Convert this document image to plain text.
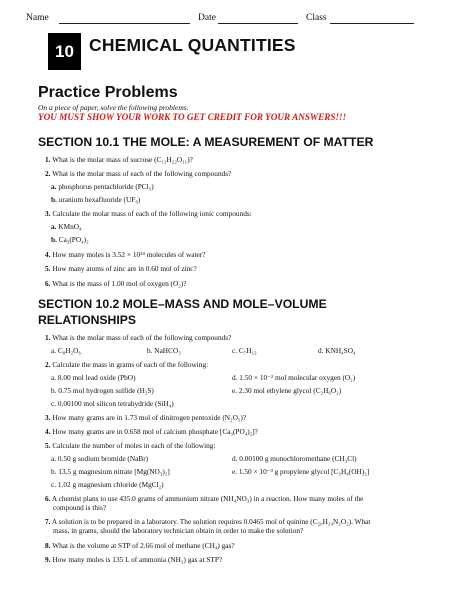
Name	Date	Class
10 CHEMICAL QUANTITIES
Practice Problems
On a piece of paper, solve the following problems.
YOU MUST SHOW YOUR WORK TO GET CREDIT FOR YOUR ANSWERS!!!
SECTION 10.1 THE MOLE: A MEASUREMENT OF MATTER
1. What is the molar mass of sucrose (C₁₂H₂₂O₁₁)?
2. What is the molar mass of each of the following compounds?
a. phosphorus pentachloride (PCl₅)
b. uranium hexafluoride (UF₆)
3. Calculate the molar mass of each of the following ionic compounds:
a. KMnO₄
b. Ca₃(PO₄)₂
4. How many moles is 3.52 × 10²⁴ molecules of water?
5. How many atoms of zinc are in 0.60 mol of zinc?
6. What is the mass of 1.00 mol of oxygen (O₂)?
SECTION 10.2 MOLE–MASS AND MOLE–VOLUME
RELATIONSHIPS
1. What is the molar mass of each of the following compounds?
a. C₈H₂O₆	b. NaHCO₃	c. C₇H₁₂	d. KNH₄SO₄
2. Calculate the mass in grams of each of the following:
a. 8.00 mol lead oxide (PbO)	d. 1.50 × 10⁻² mol molecular oxygen (O₂)
b. 0.75 mol hydrogen sulfide (H₂S)	e. 2.30 mol ethylene glycol (C₂H₆O₂)
c. 0.00100 mol silicon tetrahydride (SiH₄)
3. How many grams are in 1.73 mol of dinitrogen pentoxide (N₂O₅)?
4. How many grams are in 0.658 mol of calcium phosphate [Ca₃(PO₄)₂]?
5. Calculate the number of moles in each of the following:
a. 0.50 g sodium bromide (NaBr)	d. 0.00100 g monochloromethane (CH₃Cl)
b. 13.5 g magnesium nitrate [Mg(NO₃)₂]	e. 1.50 × 10⁻³ g propylene glycol [C₃H₄(OH)₂]
c. 1.02 g magnesium chloride (MgCl₂)
6. A chemist plans to use 435.0 grams of ammonium nitrate (NH₄NO₃) in a reaction. How many moles of the
compound is this?
7. A solution is to be prepared in a laboratory. The solution requires 0.0465 mol of quinine (C₂₀H₂₄N₂O₂). What
mass, in grams, should the laboratory technician obtain in order to make the solution?
8. What is the volume at STP of 2.66 mol of methane (CH₄) gas?
9. How many moles is 135 L of ammonia (NH₃) gas at STP?
